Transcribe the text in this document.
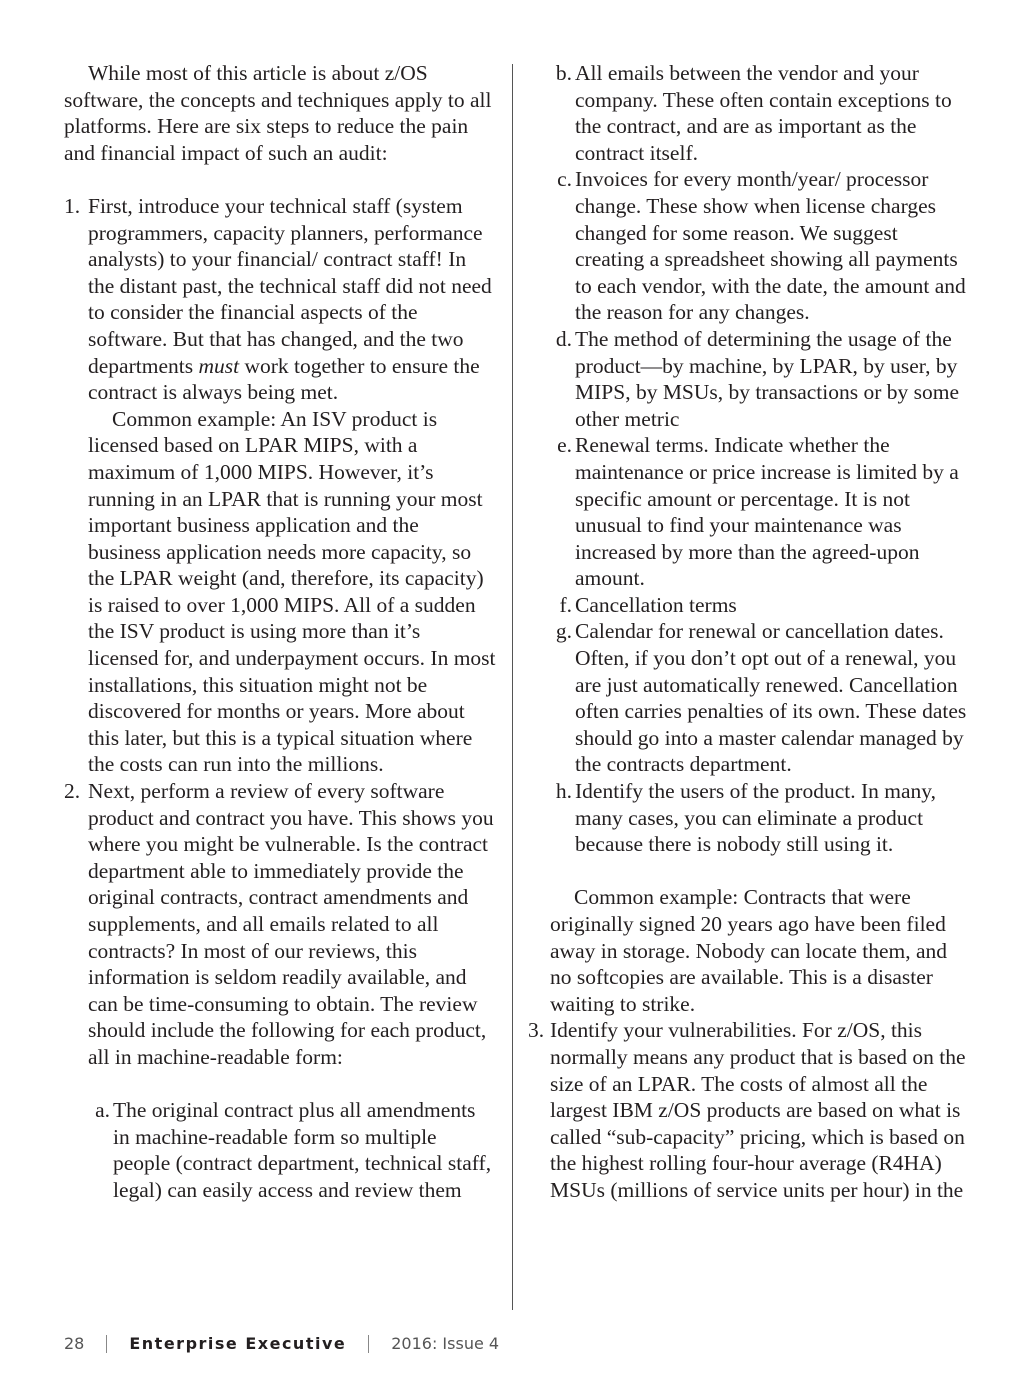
While most of this article is about z/OS software, the concepts and techniques apply to all platforms. Here are six steps to reduce the pain and financial impact of such an audit:

1. First, introduce your technical staff (system programmers, capacity planners, performance analysts) to your financial/ contract staff! In the distant past, the technical staff did not need to consider the financial aspects of the software. But that has changed, and the two departments must work together to ensure the contract is always being met.

Common example: An ISV product is licensed based on LPAR MIPS, with a maximum of 1,000 MIPS. However, it’s running in an LPAR that is running your most important business application and the business application needs more capacity, so the LPAR weight (and, therefore, its capacity) is raised to over 1,000 MIPS. All of a sudden the ISV product is using more than it’s licensed for, and underpayment occurs. In most installations, this situation might not be discovered for months or years. More about this later, but this is a typical situation where the costs can run into the millions.

2. Next, perform a review of every software product and contract you have. This shows you where you might be vulnerable. Is the contract department able to immediately provide the original contracts, contract amendments and supplements, and all emails related to all contracts? In most of our reviews, this information is seldom readily available, and can be time-consuming to obtain. The review should include the following for each product, all in machine-readable form:

a. The original contract plus all amendments in machine-readable form so multiple people (contract department, technical staff, legal) can easily access and review them

b. All emails between the vendor and your company. These often contain exceptions to the contract, and are as important as the contract itself.

c. Invoices for every month/year/ processor change. These show when license charges changed for some reason. We suggest creating a spreadsheet showing all payments to each vendor, with the date, the amount and the reason for any changes.

d. The method of determining the usage of the product—by machine, by LPAR, by user, by MIPS, by MSUs, by transactions or by some other metric

e. Renewal terms. Indicate whether the maintenance or price increase is limited by a specific amount or percentage. It is not unusual to find your maintenance was increased by more than the agreed-upon amount.

f. Cancellation terms

g. Calendar for renewal or cancellation dates. Often, if you don’t opt out of a renewal, you are just automatically renewed. Cancellation often carries penalties of its own. These dates should go into a master calendar managed by the contracts department.

h. Identify the users of the product. In many, many cases, you can eliminate a product because there is nobody still using it.

Common example: Contracts that were originally signed 20 years ago have been filed away in storage. Nobody can locate them, and no softcopies are available. This is a disaster waiting to strike.

3. Identify your vulnerabilities. For z/OS, this normally means any product that is based on the size of an LPAR. The costs of almost all the largest IBM z/OS products are based on what is called “sub-capacity” pricing, which is based on the highest rolling four-hour average (R4HA) MSUs (millions of service units per hour) in the

28	Enterprise Executive	2016: Issue 4
